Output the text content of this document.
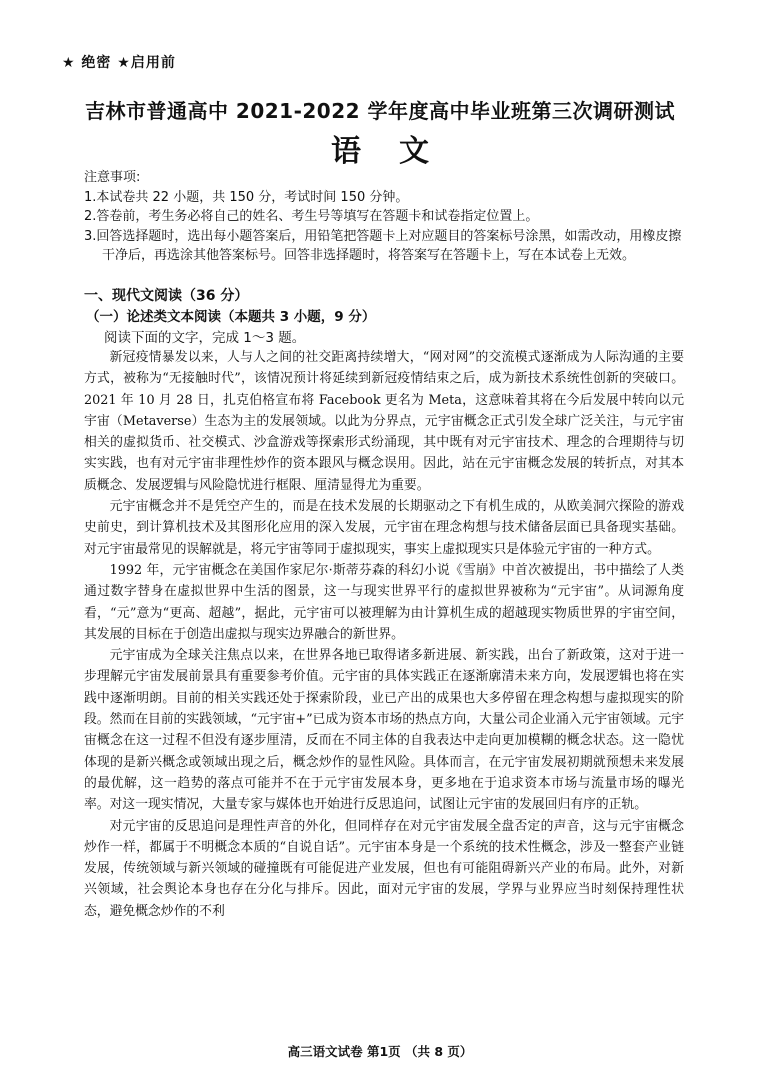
★ 绝密 ★启用前
吉林市普通高中 2021-2022 学年度高中毕业班第三次调研测试
语文

注意事项:

1.本试卷共 22 小题，共 150 分，考试时间 150 分钟。

2.答卷前，考生务必将自己的姓名、考生号等填写在答题卡和试卷指定位置上。

3.回答选择题时，选出每小题答案后，用铅笔把答题卡上对应题目的答案标号涂黑，如需改动，用橡皮擦干净后，再选涂其他答案标号。回答非选择题时，将答案写在答题卡上，写在本试卷上无效。

一、现代文阅读（36 分）
（一）论述类文本阅读（本题共 3 小题，9 分）
阅读下面的文字，完成 1～3 题。

新冠疫情暴发以来，人与人之间的社交距离持续增大，“网对网”的交流模式逐渐成为人际沟通的主要方式，被称为“无接触时代”，该情况预计将延续到新冠疫情结束之后，成为新技术系统性创新的突破口。2021 年 10 月 28 日，扎克伯格宣布将 Facebook 更名为 Meta，这意味着其将在今后发展中转向以元宇宙（Metaverse）生态为主的发展领域。以此为分界点，元宇宙概念正式引发全球广泛关注，与元宇宙相关的虚拟货币、社交模式、沙盒游戏等探索形式纷涌现，其中既有对元宇宙技术、理念的合理期待与切实实践，也有对元宇宙非理性炒作的资本跟风与概念误用。因此，站在元宇宙概念发展的转折点，对其本质概念、发展逻辑与风险隐忧进行框限、厘清显得尤为重要。

元宇宙概念并不是凭空产生的，而是在技术发展的长期驱动之下有机生成的，从欧美洞穴探险的游戏史前史，到计算机技术及其图形化应用的深入发展，元宇宙在理念构想与技术储备层面已具备现实基础。对元宇宙最常见的误解就是，将元宇宙等同于虚拟现实，事实上虚拟现实只是体验元宇宙的一种方式。

1992 年，元宇宙概念在美国作家尼尔·斯蒂芬森的科幻小说《雪崩》中首次被提出，书中描绘了人类通过数字替身在虚拟世界中生活的图景，这一与现实世界平行的虚拟世界被称为“元宇宙”。从词源角度看，“元”意为“更高、超越”，据此，元宇宙可以被理解为由计算机生成的超越现实物质世界的宇宙空间，其发展的目标在于创造出虚拟与现实边界融合的新世界。

元宇宙成为全球关注焦点以来，在世界各地已取得诸多新进展、新实践，出台了新政策，这对于进一步理解元宇宙发展前景具有重要参考价值。元宇宙的具体实践正在逐渐廓清未来方向，发展逻辑也将在实践中逐渐明朗。目前的相关实践还处于探索阶段，业已产出的成果也大多停留在理念构想与虚拟现实的阶段。然而在目前的实践领域，“元宇宙+”已成为资本市场的热点方向，大量公司企业涌入元宇宙领域。元宇宙概念在这一过程不但没有逐步厘清，反而在不同主体的自我表达中走向更加模糊的概念状态。这一隐忧体现的是新兴概念或领域出现之后，概念炒作的显性风险。具体而言，在元宇宙发展初期就预想未来发展的最优解，这一趋势的落点可能并不在于元宇宙发展本身，更多地在于追求资本市场与流量市场的曝光率。对这一现实情况，大量专家与媒体也开始进行反思追问，试图让元宇宙的发展回归有序的正轨。

对元宇宙的反思追问是理性声音的外化，但同样存在对元宇宙发展全盘否定的声音，这与元宇宙概念炒作一样，都属于不明概念本质的“自说自话”。元宇宙本身是一个系统的技术性概念，涉及一整套产业链发展，传统领域与新兴领域的碰撞既有可能促进产业发展，但也有可能阻碍新兴产业的布局。此外，对新兴领域，社会舆论本身也存在分化与排斥。因此，面对元宇宙的发展，学界与业界应当时刻保持理性状态，避免概念炒作的不利

高三语文试卷 第1页 （共 8 页）
